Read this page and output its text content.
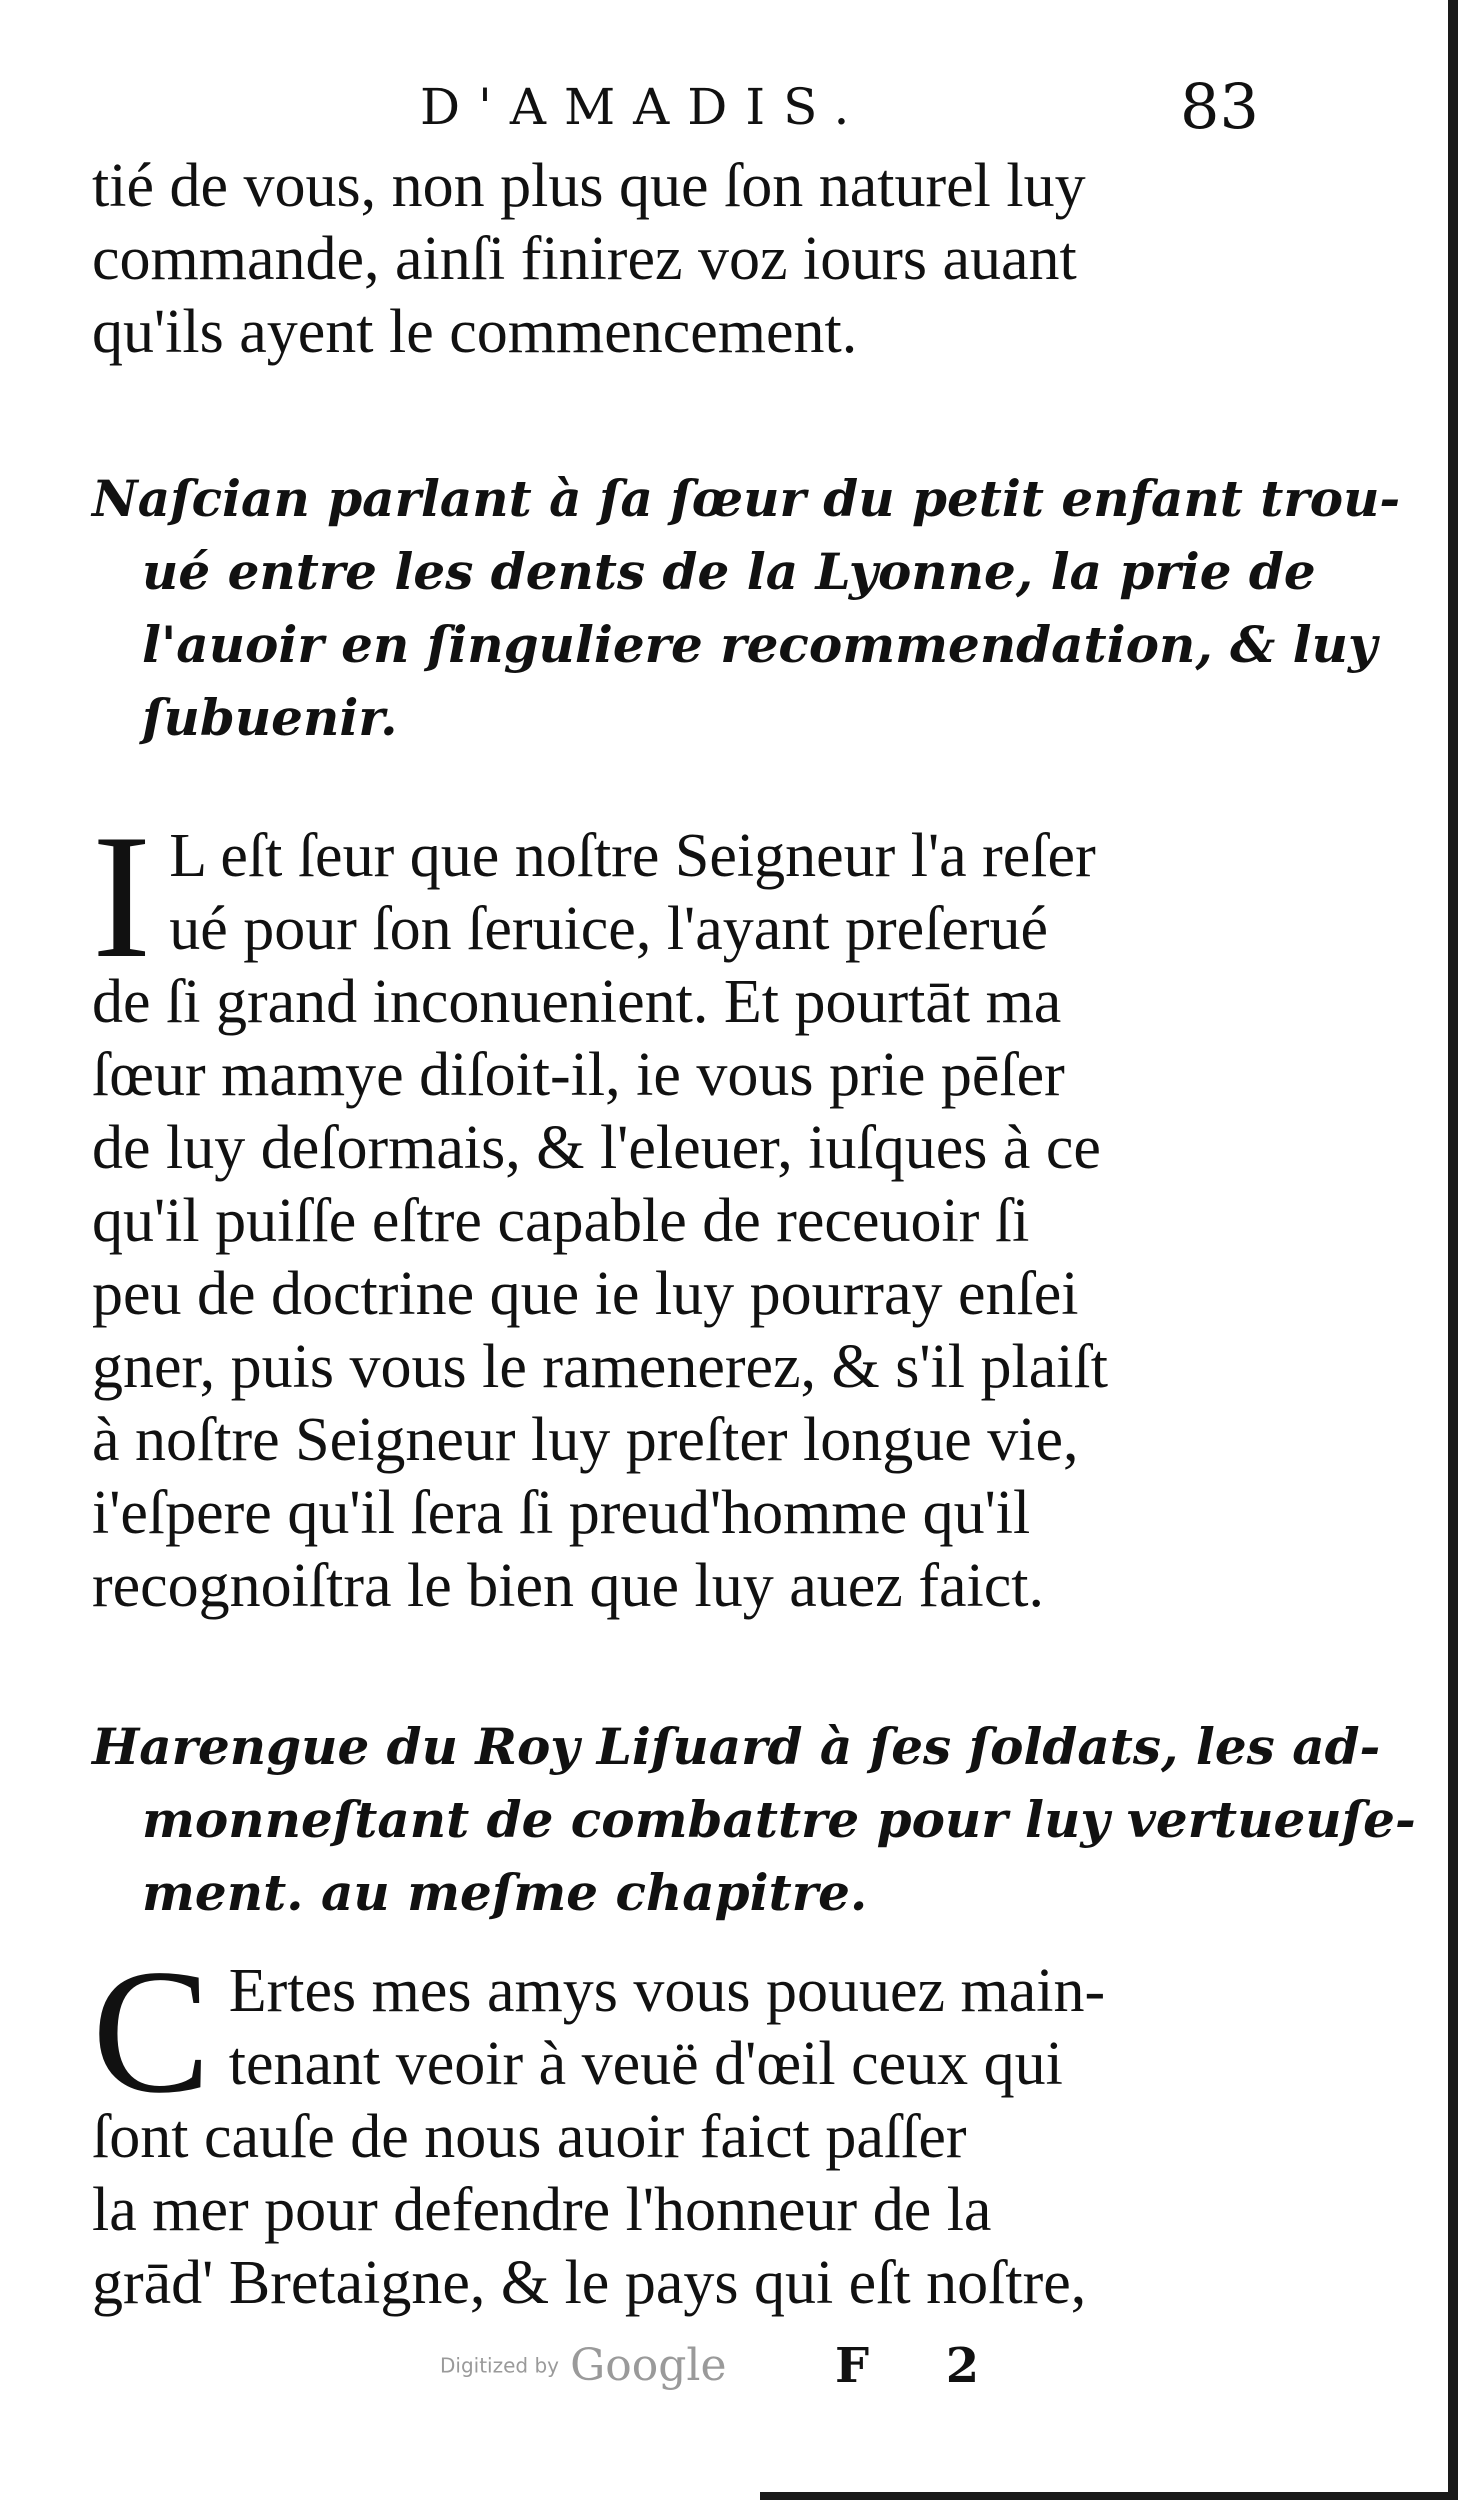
D'AMADIS.	83

tié de vous, non plus que ſon naturel luy
commande, ainſi finirez voz iours auant
qu'ils ayent le commencement.

Naſcian parlant à ſa ſœur du petit enfant trou-
ué entre les dents de la Lyonne, la prie de
l'auoir en ſinguliere recommendation, & luy
ſubuenir.

I L eſt ſeur que noſtre Seigneur l'a reſer
ué pour ſon ſeruice, l'ayant preſerué
de ſi grand inconuenient. Et pourtāt ma
ſœur mamye diſoit-il, ie vous prie pēſer
de luy deſormais, & l'eleuer, iuſques à ce
qu'il puiſſe eſtre capable de receuoir ſi
peu de doctrine que ie luy pourray enſei
gner, puis vous le ramenerez, & s'il plaiſt
à noſtre Seigneur luy preſter longue vie,
i'eſpere qu'il ſera ſi preud'homme qu'il
recognoiſtra le bien que luy auez faict.

Harengue du Roy Liſuard à ſes ſoldats, les ad-
monneſtant de combattre pour luy vertueuſe-
ment. au meſme chapitre.

C Ertes mes amys vous pouuez main-
tenant veoir à veuë d'œil ceux qui
ſont cauſe de nous auoir faict paſſer
la mer pour defendre l'honneur de la
grād' Bretaigne, & le pays qui eſt noſtre,

F 2
Digitized by Google
